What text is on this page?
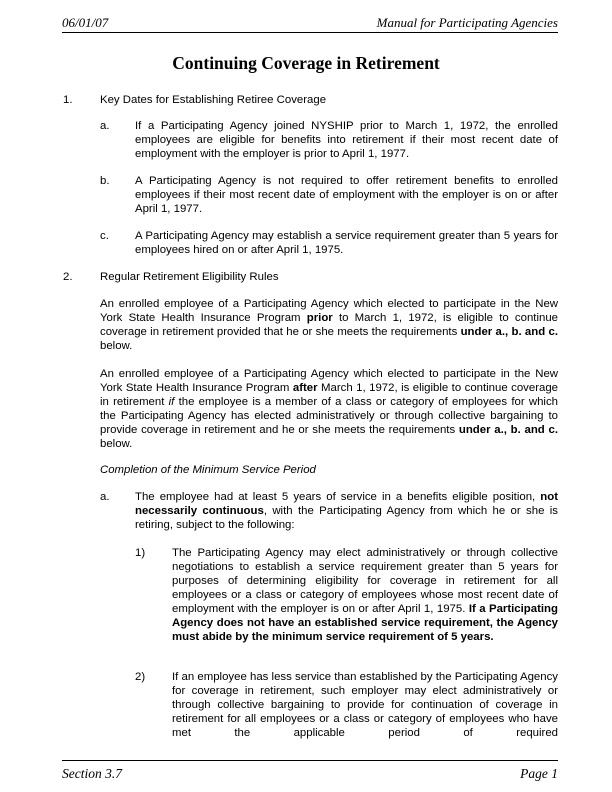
06/01/07	Manual for Participating Agencies
Continuing Coverage in Retirement
1. Key Dates for Establishing Retiree Coverage

a. If a Participating Agency joined NYSHIP prior to March 1, 1972, the enrolled employees are eligible for benefits into retirement if their most recent date of employment with the employer is prior to April 1, 1977.

b. A Participating Agency is not required to offer retirement benefits to enrolled employees if their most recent date of employment with the employer is on or after April 1, 1977.

c. A Participating Agency may establish a service requirement greater than 5 years for employees hired on or after April 1, 1975.

2. Regular Retirement Eligibility Rules

An enrolled employee of a Participating Agency which elected to participate in the New York State Health Insurance Program prior to March 1, 1972, is eligible to continue coverage in retirement provided that he or she meets the requirements under a., b. and c. below.

An enrolled employee of a Participating Agency which elected to participate in the New York State Health Insurance Program after March 1, 1972, is eligible to continue coverage in retirement if the employee is a member of a class or category of employees for which the Participating Agency has elected administratively or through collective bargaining to provide coverage in retirement and he or she meets the requirements under a., b. and c. below.

Completion of the Minimum Service Period

a. The employee had at least 5 years of service in a benefits eligible position, not necessarily continuous, with the Participating Agency from which he or she is retiring, subject to the following:

1) The Participating Agency may elect administratively or through collective negotiations to establish a service requirement greater than 5 years for purposes of determining eligibility for coverage in retirement for all employees or a class or category of employees whose most recent date of employment with the employer is on or after April 1, 1975. If a Participating Agency does not have an established service requirement, the Agency must abide by the minimum service requirement of 5 years.

2) If an employee has less service than established by the Participating Agency for coverage in retirement, such employer may elect administratively or through collective bargaining to provide for continuation of coverage in retirement for all employees or a class or category of employees who have met the applicable period of required

Section 3.7	Page 1
